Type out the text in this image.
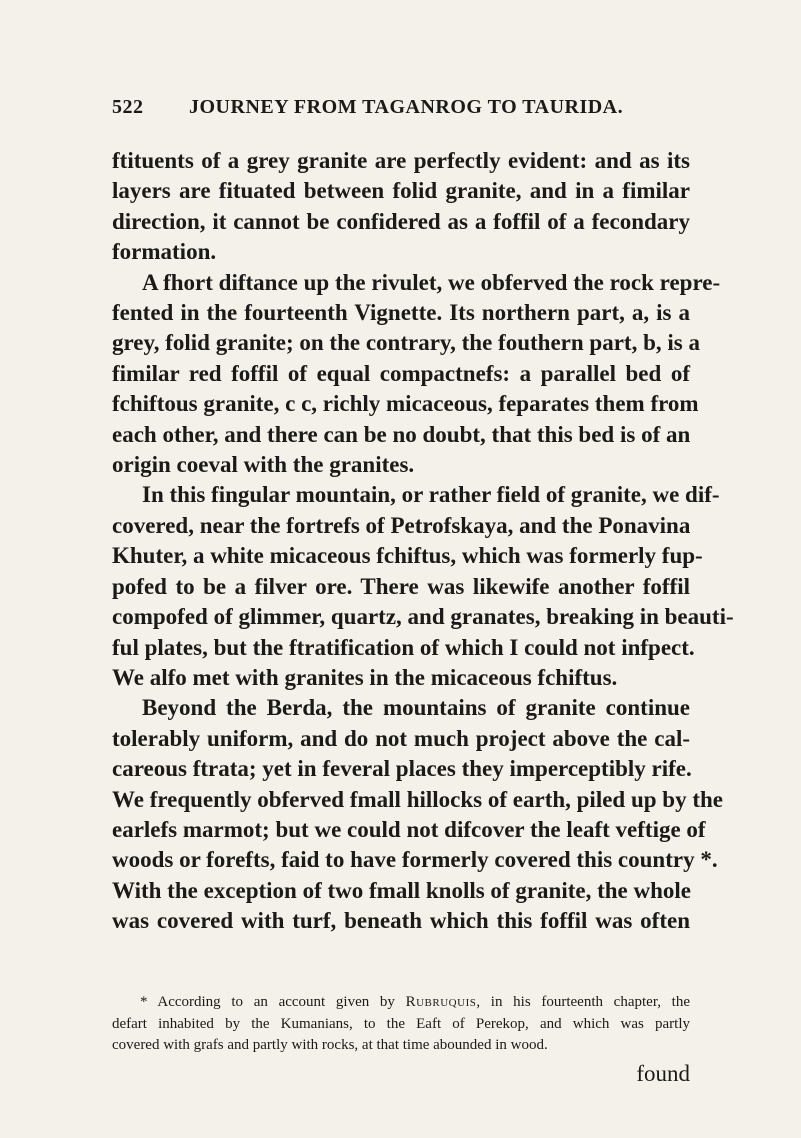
522 JOURNEY FROM TAGANROG TO TAURIDA.
ftituents of a grey granite are perfectly evident: and as its
layers are fituated between folid granite, and in a fimilar
direction, it cannot be confidered as a foffil of a fecondary
formation.
A fhort diftance up the rivulet, we obferved the rock repre-
fented in the fourteenth Vignette. Its northern part, a, is a
grey, folid granite; on the contrary, the fouthern part, b, is a
fimilar red foffil of equal compactnefs: a parallel bed of
fchiftous granite, c c, richly micaceous, feparates them from
each other, and there can be no doubt, that this bed is of an
origin coeval with the granites.
In this fingular mountain, or rather field of granite, we dif-
covered, near the fortrefs of Petrofskaya, and the Ponavina
Khuter, a white micaceous fchiftus, which was formerly fup-
pofed to be a filver ore. There was likewife another foffil
compofed of glimmer, quartz, and granates, breaking in beauti-
ful plates, but the ftratification of which I could not infpect.
We alfo met with granites in the micaceous fchiftus.
Beyond the Berda, the mountains of granite continue
tolerably uniform, and do not much project above the cal-
careous ftrata; yet in feveral places they imperceptibly rife.
We frequently obferved fmall hillocks of earth, piled up by the
earlefs marmot; but we could not difcover the leaft veftige of
woods or forefts, faid to have formerly covered this country *.
With the exception of two fmall knolls of granite, the whole
was covered with turf, beneath which this foffil was often
* According to an account given by Rubruquis, in his fourteenth chapter, the
defart inhabited by the Kumanians, to the Eaft of Perekop, and which was partly
covered with grafs and partly with rocks, at that time abounded in wood.
found
